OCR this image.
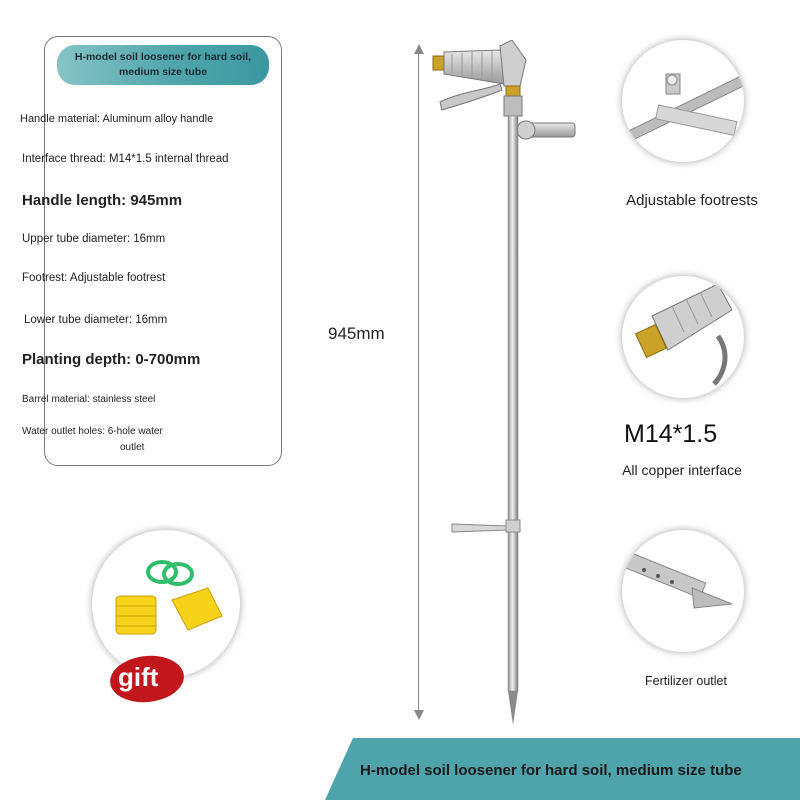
H-model soil loosener for hard soil, medium size tube
Handle material: Aluminum alloy handle
Interface thread: M14*1.5 internal thread
Handle length: 945mm
Upper tube diameter: 16mm
Footrest: Adjustable footrest
Lower tube diameter: 16mm
Planting depth: 0-700mm
Barrel material: stainless steel
Water outlet holes: 6-hole water
outlet
945mm
Adjustable footrests
M14*1.5
All copper interface
Fertilizer outlet
gift
H-model soil loosener for hard soil, medium size tube
